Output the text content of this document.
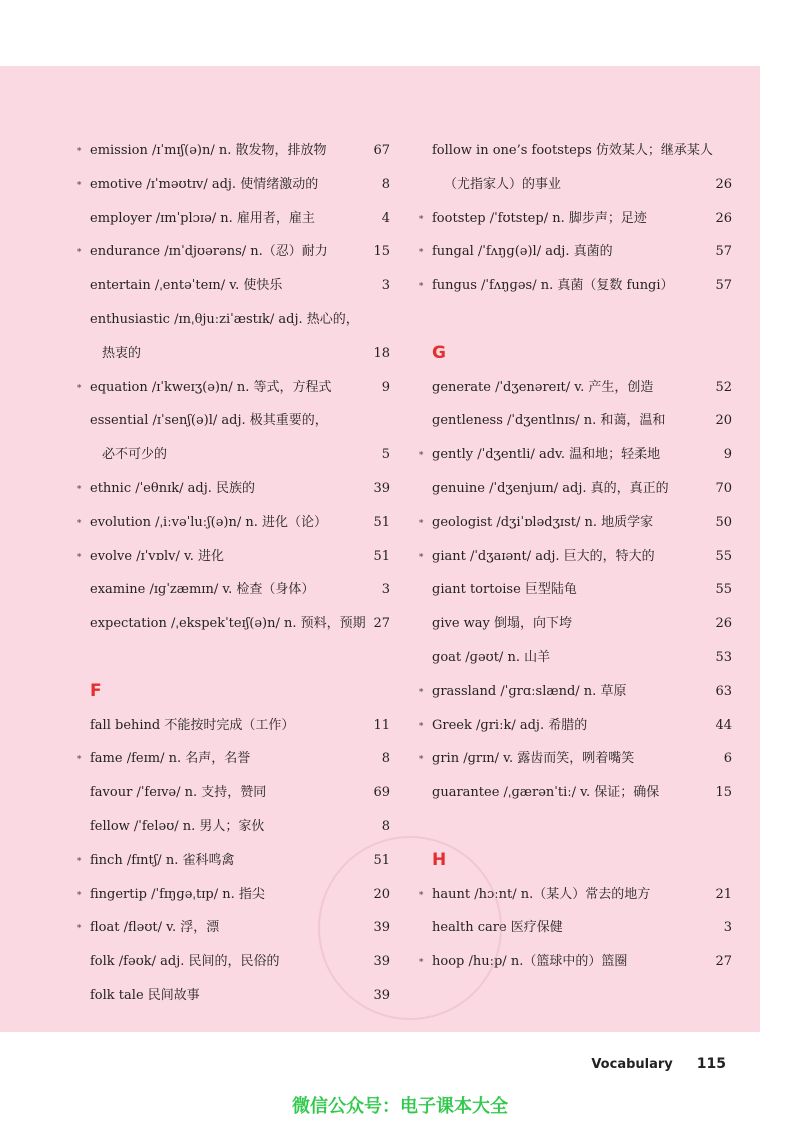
∗ emission /ɪˈmɪʃ(ə)n/ n. 散发物，排放物	67
∗ emotive /ɪˈməʊtɪv/ adj. 使情绪激动的	8
employer /ɪmˈplɔɪə/ n. 雇用者，雇主	4
∗ endurance /ɪnˈdjʊərəns/ n.（忍）耐力	15
entertain /ˌentəˈteɪn/ v. 使快乐	3
enthusiastic /ɪnˌθjuːziˈæstɪk/ adj. 热心的，
热衷的	18
∗ equation /ɪˈkweɪʒ(ə)n/ n. 等式，方程式	9
essential /ɪˈsenʃ(ə)l/ adj. 极其重要的，
必不可少的	5
∗ ethnic /ˈeθnɪk/ adj. 民族的	39
∗ evolution /ˌiːvəˈluːʃ(ə)n/ n. 进化（论）	51
∗ evolve /ɪˈvɒlv/ v. 进化	51
examine /ɪɡˈzæmɪn/ v. 检查（身体）	3
expectation /ˌekspekˈteɪʃ(ə)n/ n. 预料，预期 27
F
fall behind 不能按时完成（工作）	11
∗ fame /feɪm/ n. 名声，名誉	8
favour /ˈfeɪvə/ n. 支持，赞同	69
fellow /ˈfeləʊ/ n. 男人；家伙	8
∗ finch /fɪntʃ/ n. 雀科鸣禽	51
∗ fingertip /ˈfɪŋɡəˌtɪp/ n. 指尖	20
∗ float /fləʊt/ v. 浮，漂	39
folk /fəʊk/ adj. 民间的，民俗的	39
folk tale 民间故事	39
follow in one’s footsteps 仿效某人；继承某人
（尤指家人）的事业	26
∗ footstep /ˈfʊtstep/ n. 脚步声；足迹	26
∗ fungal /ˈfʌŋɡ(ə)l/ adj. 真菌的	57
∗ fungus /ˈfʌŋɡəs/ n. 真菌（复数 fungi）	57
G
generate /ˈdʒenəreɪt/ v. 产生，创造	52
gentleness /ˈdʒentlnɪs/ n. 和蔼，温和	20
∗ gently /ˈdʒentli/ adv. 温和地；轻柔地	9
genuine /ˈdʒenjuɪn/ adj. 真的，真正的	70
∗ geologist /dʒiˈɒlədʒɪst/ n. 地质学家	50
∗ giant /ˈdʒaɪənt/ adj. 巨大的，特大的	55
giant tortoise 巨型陆龟	55
give way 倒塌，向下垮	26
goat /ɡəʊt/ n. 山羊	53
∗ grassland /ˈɡrɑːslænd/ n. 草原	63
∗ Greek /ɡriːk/ adj. 希腊的	44
∗ grin /ɡrɪn/ v. 露齿而笑，咧着嘴笑	6
guarantee /ˌɡærənˈtiː/ v. 保证；确保	15
H
∗ haunt /hɔːnt/ n.（某人）常去的地方	21
health care 医疗保健	3
∗ hoop /huːp/ n.（篮球中的）篮圈	27
Vocabulary 115
微信公众号：电子课本大全
